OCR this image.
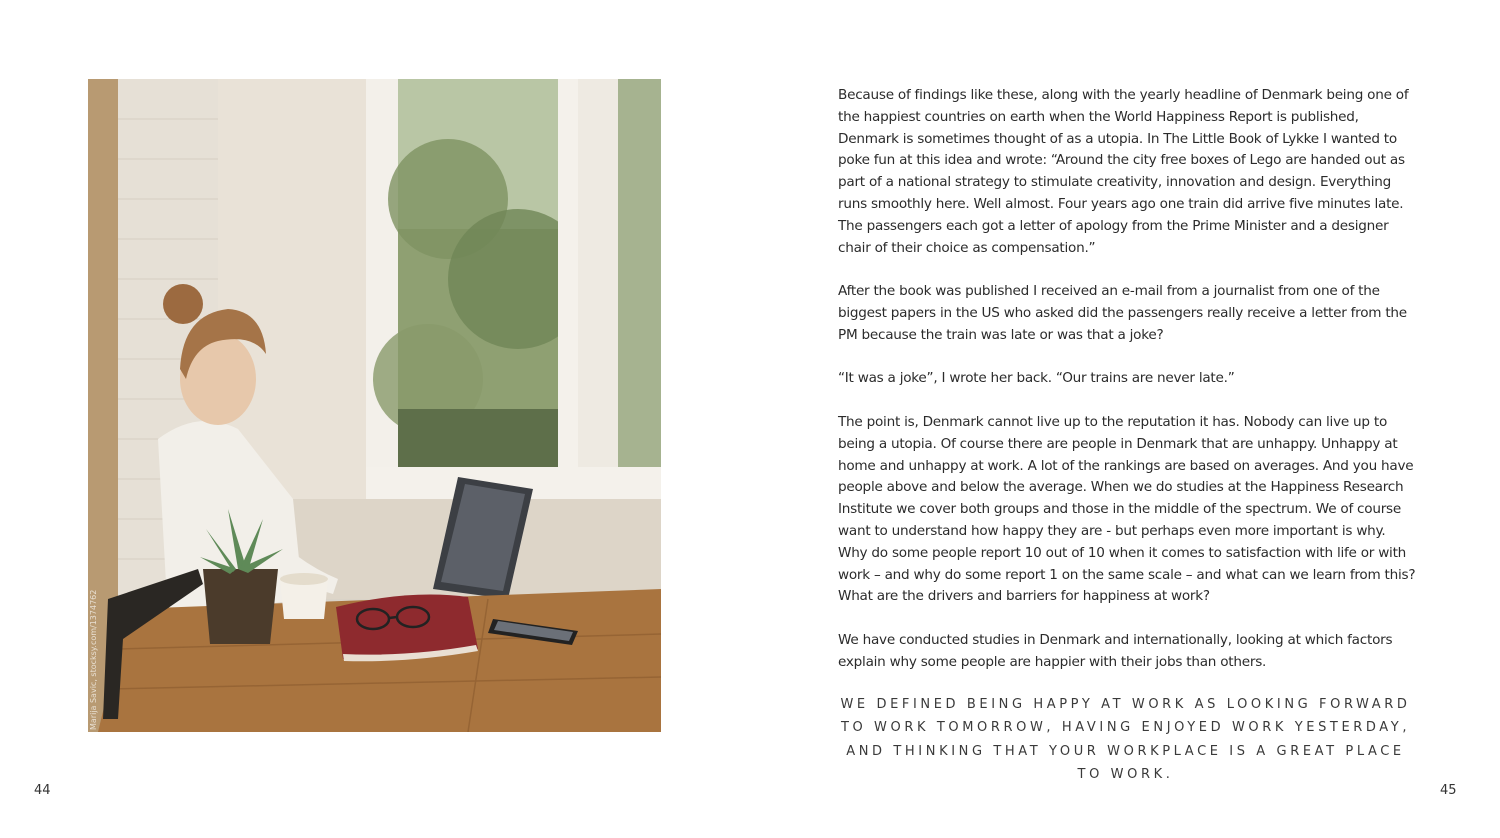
Marija Savic, stocksy.com/1374762
44

Because of findings like these, along with the yearly headline of Denmark being one of the happiest countries on earth when the World Happiness Report is published, Denmark is sometimes thought of as a utopia. In The Little Book of Lykke I wanted to poke fun at this idea and wrote: “Around the city free boxes of Lego are handed out as part of a national strategy to stimulate creativity, innovation and design. Everything runs smoothly here. Well almost. Four years ago one train did arrive five minutes late. The passengers each got a letter of apology from the Prime Minister and a designer chair of their choice as compensation.”

After the book was published I received an e-mail from a journalist from one of the biggest papers in the US who asked did the passengers really receive a letter from the PM because the train was late or was that a joke?

“It was a joke”, I wrote her back. “Our trains are never late.”

The point is, Denmark cannot live up to the reputation it has. Nobody can live up to being a utopia. Of course there are people in Denmark that are unhappy. Unhappy at home and unhappy at work. A lot of the rankings are based on averages. And you have people above and below the average. When we do studies at the Happiness Research Institute we cover both groups and those in the middle of the spectrum. We of course want to understand how happy they are - but perhaps even more important is why. Why do some people report 10 out of 10 when it comes to satisfaction with life or with work – and why do some report 1 on the same scale – and what can we learn from this? What are the drivers and barriers for happiness at work?

We have conducted studies in Denmark and internationally, looking at which factors explain why some people are happier with their jobs than others.

WE DEFINED BEING HAPPY AT WORK AS LOOKING FORWARD TO WORK TOMORROW, HAVING ENJOYED WORK YESTERDAY, AND THINKING THAT YOUR WORKPLACE IS A GREAT PLACE TO WORK.
45
